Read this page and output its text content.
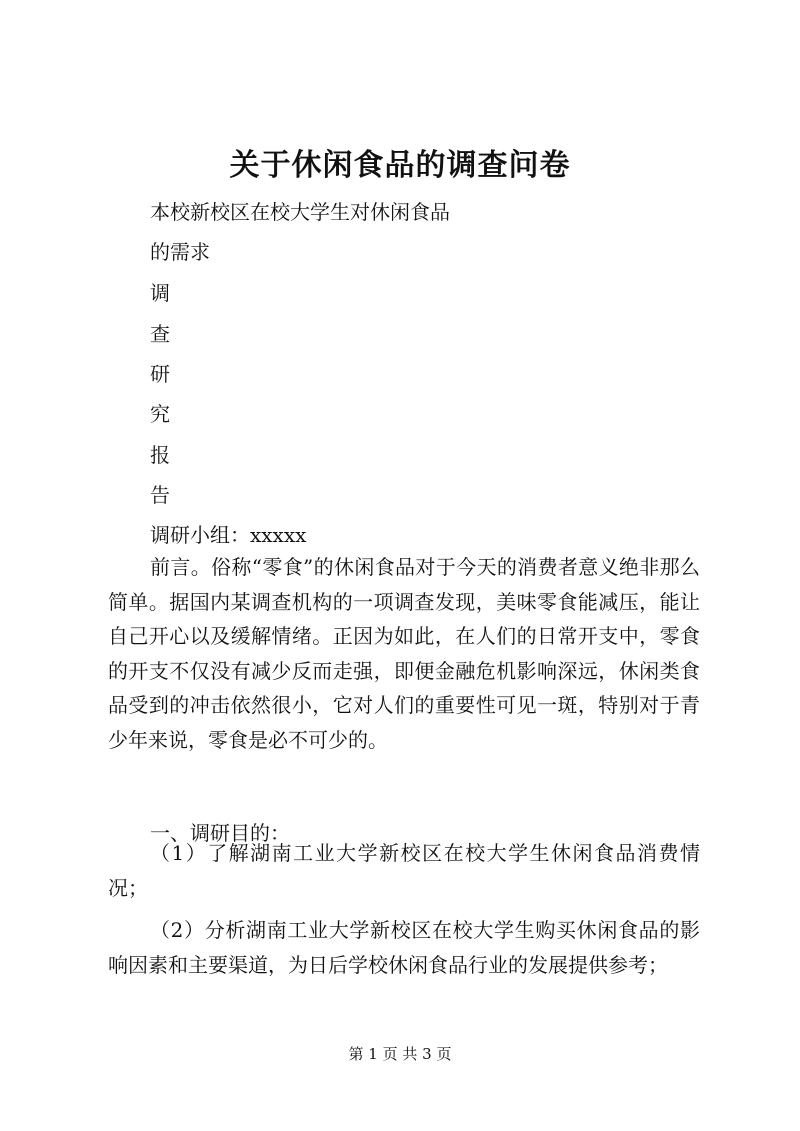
关于休闲食品的调查问卷
本校新校区在校大学生对休闲食品
的需求
调
查
研
究
报
告
调研小组：xxxxx
前言。俗称“零食”的休闲食品对于今天的消费者意义绝非那么简单。据国内某调查机构的一项调查发现，美味零食能减压，能让自己开心以及缓解情绪。正因为如此，在人们的日常开支中，零食的开支不仅没有减少反而走强，即便金融危机影响深远，休闲类食品受到的冲击依然很小，它对人们的重要性可见一斑，特别对于青少年来说，零食是必不可少的。
一、调研目的：
（1）了解湖南工业大学新校区在校大学生休闲食品消费情况；
（2）分析湖南工业大学新校区在校大学生购买休闲食品的影响因素和主要渠道，为日后学校休闲食品行业的发展提供参考；
第 1 页 共 3 页
